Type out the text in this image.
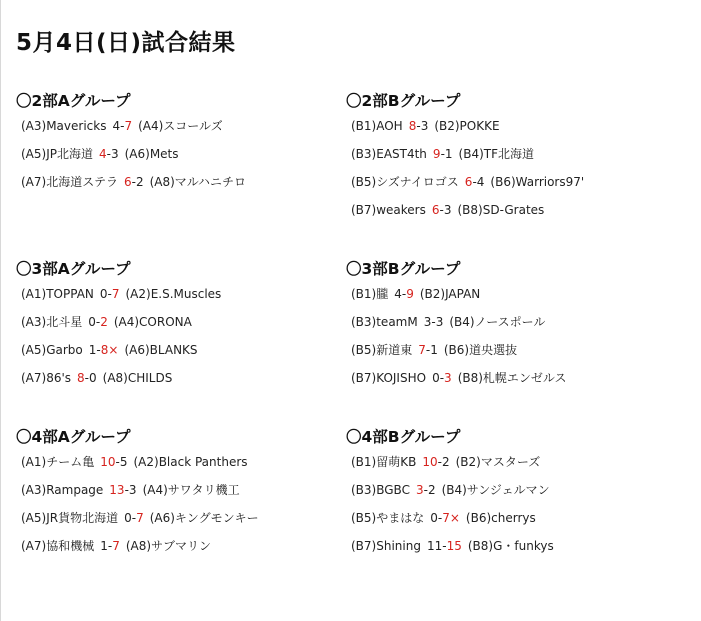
5月4日(日)試合結果
〇2部Aグループ
(A3)Mavericks 4-7 (A4)スコールズ
(A5)JP北海道 4-3 (A6)Mets
(A7)北海道ステラ 6-2 (A8)マルハニチロ
〇2部Bグループ
(B1)AOH 8-3 (B2)POKKE
(B3)EAST4th 9-1 (B4)TF北海道
(B5)シズナイロゴス 6-4 (B6)Warriors97'
(B7)weakers 6-3 (B8)SD-Grates
〇3部Aグループ
(A1)TOPPAN 0-7 (A2)E.S.Muscles
(A3)北斗星 0-2 (A4)CORONA
(A5)Garbo 1-8× (A6)BLANKS
(A7)86's 8-0 (A8)CHILDS
〇3部Bグループ
(B1)朧 4-9 (B2)JAPAN
(B3)teamM 3-3 (B4)ノースポール
(B5)新道東 7-1 (B6)道央選抜
(B7)KOJISHO 0-3 (B8)札幌エンゼルス
〇4部Aグループ
(A1)チーム亀 10-5 (A2)Black Panthers
(A3)Rampage 13-3 (A4)サワタリ機工
(A5)JR貨物北海道 0-7 (A6)キングモンキー
(A7)協和機械 1-7 (A8)サブマリン
〇4部Bグループ
(B1)留萌KB 10-2 (B2)マスターズ
(B3)BGBC 3-2 (B4)サンジェルマン
(B5)やまはな 0-7× (B6)cherrys
(B7)Shining 11-15 (B8)G・funkys
